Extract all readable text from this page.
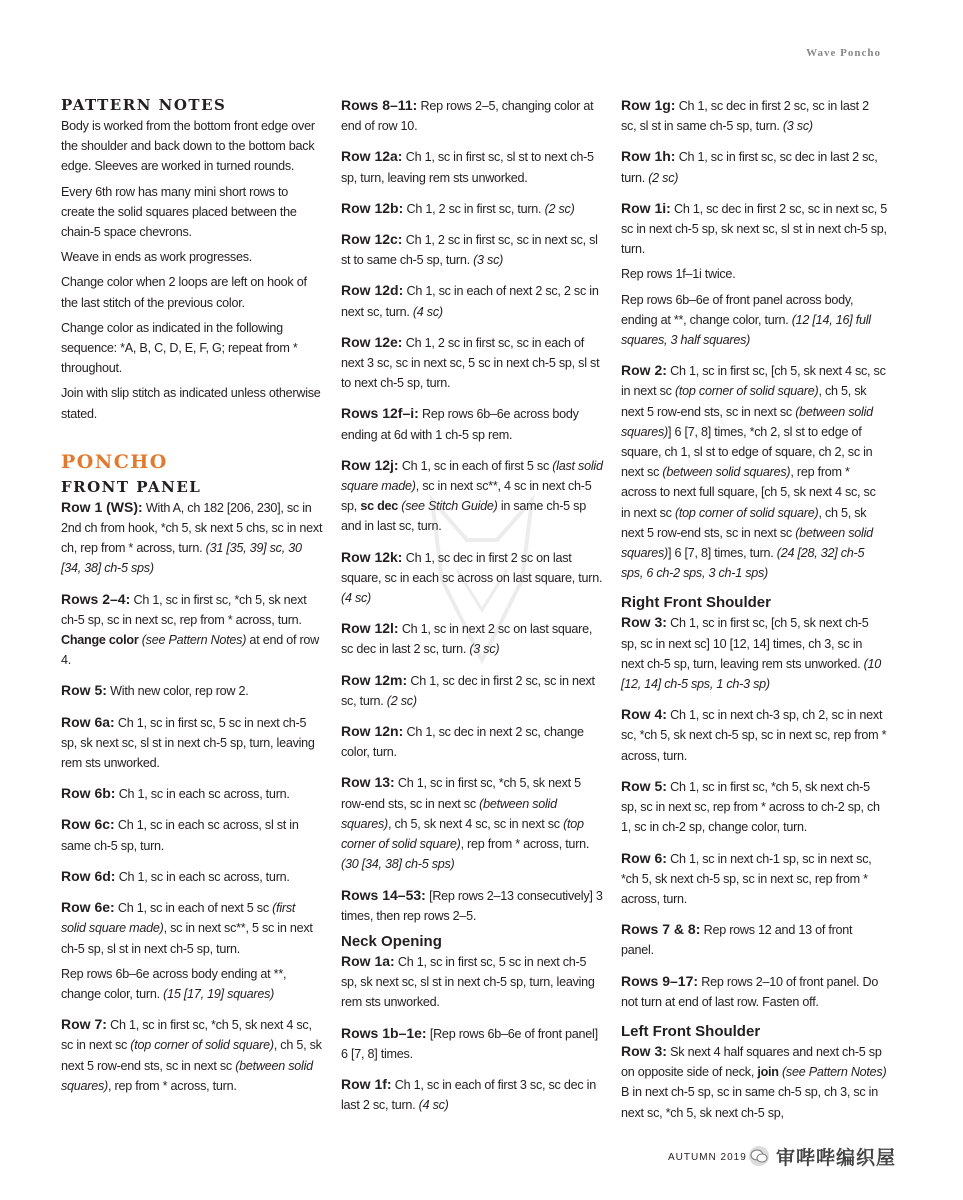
Wave Poncho
PATTERN NOTES

Body is worked from the bottom front edge over the shoulder and back down to the bottom back edge. Sleeves are worked in turned rounds.

Every 6th row has many mini short rows to create the solid squares placed between the chain-5 space chevrons.

Weave in ends as work progresses.

Change color when 2 loops are left on hook of the last stitch of the previous color.

Change color as indicated in the following sequence: *A, B, C, D, E, F, G; repeat from * throughout.

Join with slip stitch as indicated unless otherwise stated.

PONCHO
FRONT PANEL

Row 1 (WS): With A, ch 182 [206, 230], sc in 2nd ch from hook, *ch 5, sk next 5 chs, sc in next ch, rep from * across, turn. (31 [35, 39] sc, 30 [34, 38] ch-5 sps)

Rows 2–4: Ch 1, sc in first sc, *ch 5, sk next ch-5 sp, sc in next sc, rep from * across, turn. Change color (see Pattern Notes) at end of row 4.

Row 5: With new color, rep row 2.

Row 6a: Ch 1, sc in first sc, 5 sc in next ch-5 sp, sk next sc, sl st in next ch-5 sp, turn, leaving rem sts unworked.

Row 6b: Ch 1, sc in each sc across, turn.

Row 6c: Ch 1, sc in each sc across, sl st in same ch-5 sp, turn.

Row 6d: Ch 1, sc in each sc across, turn.

Row 6e: Ch 1, sc in each of next 5 sc (first solid square made), sc in next sc**, 5 sc in next ch-5 sp, sl st in next ch-5 sp, turn.

Rep rows 6b–6e across body ending at **, change color, turn. (15 [17, 19] squares)

Row 7: Ch 1, sc in first sc, *ch 5, sk next 4 sc, sc in next sc (top corner of solid square), ch 5, sk next 5 row-end sts, sc in next sc (between solid squares), rep from * across, turn.

Rows 8–11: Rep rows 2–5, changing color at end of row 10.

Row 12a: Ch 1, sc in first sc, sl st to next ch-5 sp, turn, leaving rem sts unworked.

Row 12b: Ch 1, 2 sc in first sc, turn. (2 sc)

Row 12c: Ch 1, 2 sc in first sc, sc in next sc, sl st to same ch-5 sp, turn. (3 sc)

Row 12d: Ch 1, sc in each of next 2 sc, 2 sc in next sc, turn. (4 sc)

Row 12e: Ch 1, 2 sc in first sc, sc in each of next 3 sc, sc in next sc, 5 sc in next ch-5 sp, sl st to next ch-5 sp, turn.

Rows 12f–i: Rep rows 6b–6e across body ending at 6d with 1 ch-5 sp rem.

Row 12j: Ch 1, sc in each of first 5 sc (last solid square made), sc in next sc**, 4 sc in next ch-5 sp, sc dec (see Stitch Guide) in same ch-5 sp and in last sc, turn.

Row 12k: Ch 1, sc dec in first 2 sc on last square, sc in each sc across on last square, turn. (4 sc)

Row 12l: Ch 1, sc in next 2 sc on last square, sc dec in last 2 sc, turn. (3 sc)

Row 12m: Ch 1, sc dec in first 2 sc, sc in next sc, turn. (2 sc)

Row 12n: Ch 1, sc dec in next 2 sc, change color, turn.

Row 13: Ch 1, sc in first sc, *ch 5, sk next 5 row-end sts, sc in next sc (between solid squares), ch 5, sk next 4 sc, sc in next sc (top corner of solid square), rep from * across, turn. (30 [34, 38] ch-5 sps)

Rows 14–53: [Rep rows 2–13 consecutively] 3 times, then rep rows 2–5.

Neck Opening

Row 1a: Ch 1, sc in first sc, 5 sc in next ch-5 sp, sk next sc, sl st in next ch-5 sp, turn, leaving rem sts unworked.

Rows 1b–1e: [Rep rows 6b–6e of front panel] 6 [7, 8] times.

Row 1f: Ch 1, sc in each of first 3 sc, sc dec in last 2 sc, turn. (4 sc)

Row 1g: Ch 1, sc dec in first 2 sc, sc in last 2 sc, sl st in same ch-5 sp, turn. (3 sc)

Row 1h: Ch 1, sc in first sc, sc dec in last 2 sc, turn. (2 sc)

Row 1i: Ch 1, sc dec in first 2 sc, sc in next sc, 5 sc in next ch-5 sp, sk next sc, sl st in next ch-5 sp, turn.

Rep rows 1f–1i twice.

Rep rows 6b–6e of front panel across body, ending at **, change color, turn. (12 [14, 16] full squares, 3 half squares)

Row 2: Ch 1, sc in first sc, [ch 5, sk next 4 sc, sc in next sc (top corner of solid square), ch 5, sk next 5 row-end sts, sc in next sc (between solid squares)] 6 [7, 8] times, *ch 2, sl st to edge of square, ch 1, sl st to edge of square, ch 2, sc in next sc (between solid squares), rep from * across to next full square, [ch 5, sk next 4 sc, sc in next sc (top corner of solid square), ch 5, sk next 5 row-end sts, sc in next sc (between solid squares)] 6 [7, 8] times, turn. (24 [28, 32] ch-5 sps, 6 ch-2 sps, 3 ch-1 sps)

Right Front Shoulder

Row 3: Ch 1, sc in first sc, [ch 5, sk next ch-5 sp, sc in next sc] 10 [12, 14] times, ch 3, sc in next ch-5 sp, turn, leaving rem sts unworked. (10 [12, 14] ch-5 sps, 1 ch-3 sp)

Row 4: Ch 1, sc in next ch-3 sp, ch 2, sc in next sc, *ch 5, sk next ch-5 sp, sc in next sc, rep from * across, turn.

Row 5: Ch 1, sc in first sc, *ch 5, sk next ch-5 sp, sc in next sc, rep from * across to ch-2 sp, ch 1, sc in ch-2 sp, change color, turn.

Row 6: Ch 1, sc in next ch-1 sp, sc in next sc, *ch 5, sk next ch-5 sp, sc in next sc, rep from * across, turn.

Rows 7 & 8: Rep rows 12 and 13 of front panel.

Rows 9–17: Rep rows 2–10 of front panel. Do not turn at end of last row. Fasten off.

Left Front Shoulder

Row 3: Sk next 4 half squares and next ch-5 sp on opposite side of neck, join (see Pattern Notes) B in next ch-5 sp, sc in same ch-5 sp, ch 3, sc in next sc, *ch 5, sk next ch-5 sp,

AUTUMN 2019 审哔哔编织屋
